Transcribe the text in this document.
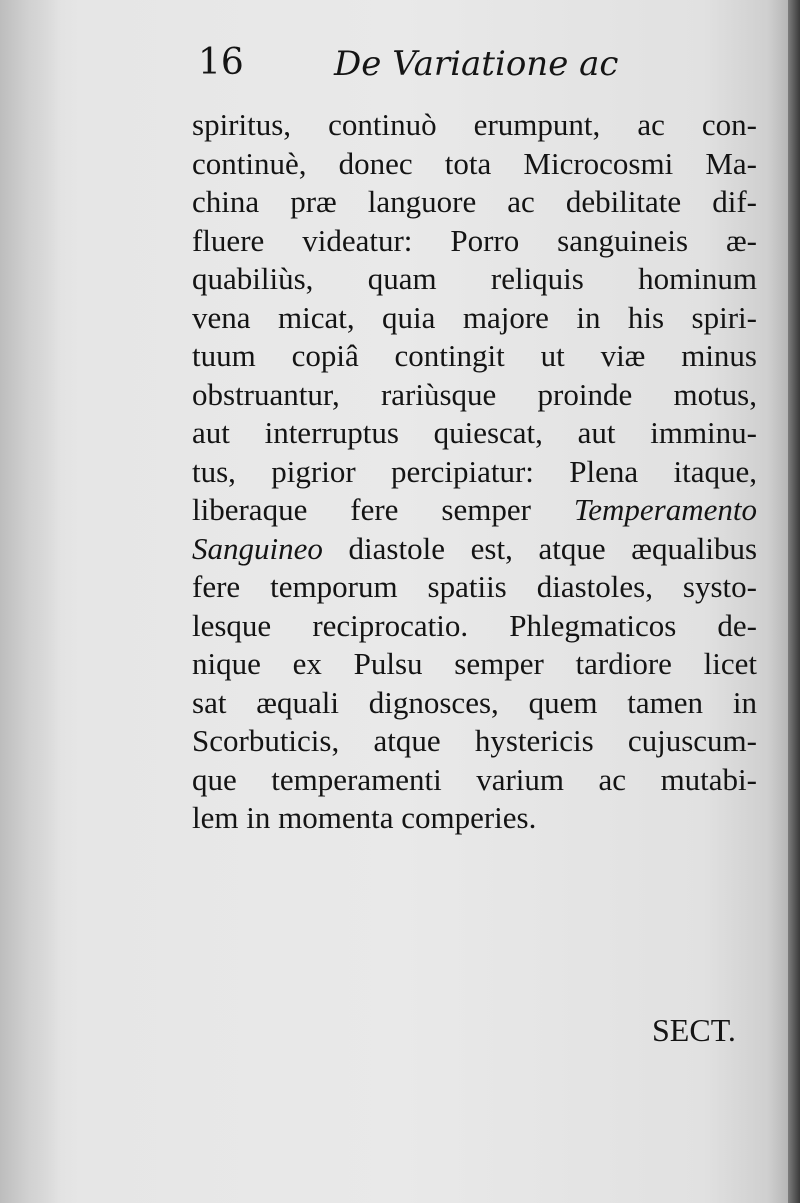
16	De Variatione ac
spiritus, continuò erumpunt, ac con-
continuè, donec tota Microcosmi Ma-
china præ languore ac debilitate dif-
fluere videatur: Porro sanguineis æ-
quabiliùs, quam reliquis hominum
vena micat, quia majore in his spiri-
tuum copiâ contingit ut viæ minus
obstruantur, rariùsque proinde motus,
aut interruptus quiescat, aut imminu-
tus, pigrior percipiatur: Plena itaque,
liberaque fere semper Temperamento
Sanguineo diastole est, atque æqualibus
fere temporum spatiis diastoles, systo-
lesque reciprocatio. Phlegmaticos de-
nique ex Pulsu semper tardiore licet
sat æquali dignosces, quem tamen in
Scorbuticis, atque hystericis cujuscum-
que temperamenti varium ac mutabi-
lem in momenta comperies.
SECT.
